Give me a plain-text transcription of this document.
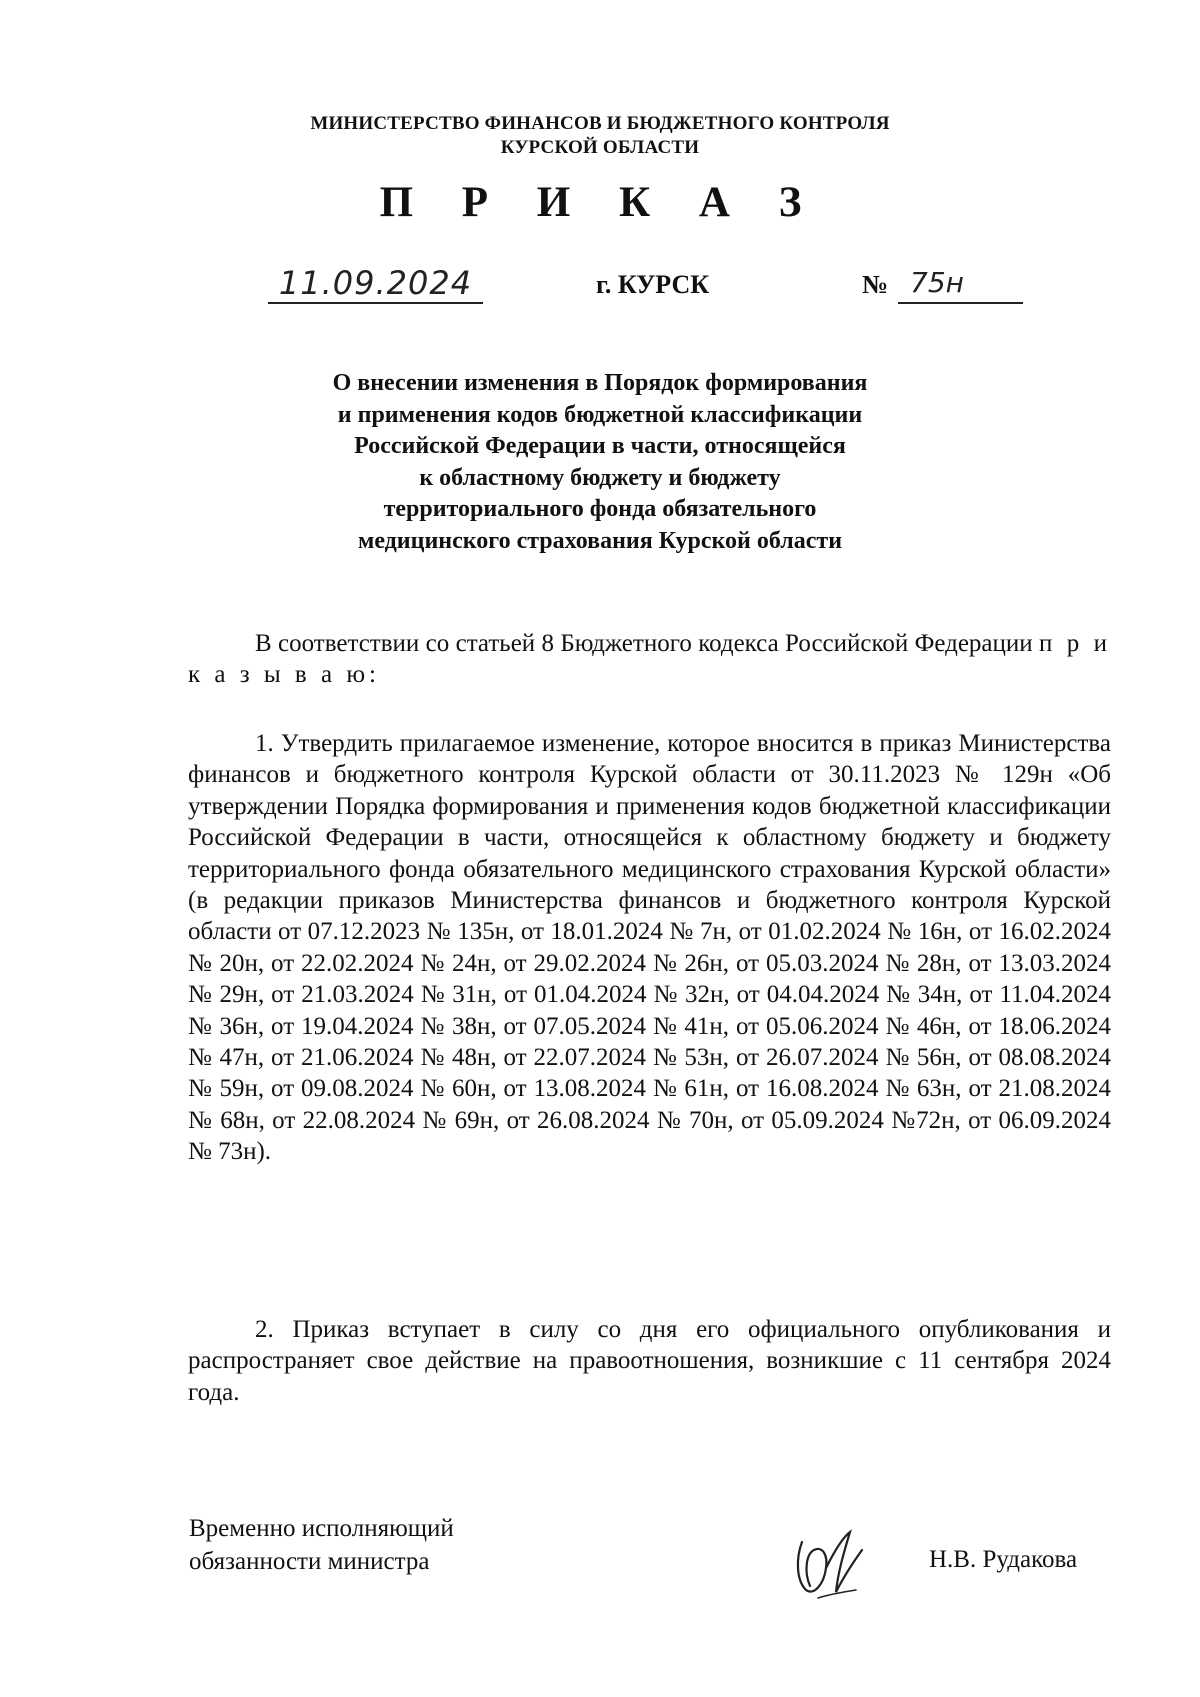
МИНИСТЕРСТВО ФИНАНСОВ И БЮДЖЕТНОГО КОНТРОЛЯ
КУРСКОЙ ОБЛАСТИ
П Р И К А З
11.09.2024	г. КУРСК	№ 75н
О внесении изменения в Порядок формирования
и применения кодов бюджетной классификации
Российской Федерации в части, относящейся
к областному бюджету и бюджету
территориального фонда обязательного
медицинского страхования Курской области
В соответствии со статьей 8 Бюджетного кодекса Российской Федерации п р и к а з ы в а ю:
1. Утвердить прилагаемое изменение, которое вносится в приказ Министерства финансов и бюджетного контроля Курской области от 30.11.2023 № 129н «Об утверждении Порядка формирования и применения кодов бюджетной классификации Российской Федерации в части, относящейся к областному бюджету и бюджету территориального фонда обязательного медицинского страхования Курской области» (в редакции приказов Министерства финансов и бюджетного контроля Курской области от 07.12.2023 № 135н, от 18.01.2024 № 7н, от 01.02.2024 № 16н, от 16.02.2024 № 20н, от 22.02.2024 № 24н, от 29.02.2024 № 26н, от 05.03.2024 № 28н, от 13.03.2024 № 29н, от 21.03.2024 № 31н, от 01.04.2024 № 32н, от 04.04.2024 № 34н, от 11.04.2024 № 36н, от 19.04.2024 № 38н, от 07.05.2024 № 41н, от 05.06.2024 № 46н, от 18.06.2024 № 47н, от 21.06.2024 № 48н, от 22.07.2024 № 53н, от 26.07.2024 № 56н, от 08.08.2024 № 59н, от 09.08.2024 № 60н, от 13.08.2024 № 61н, от 16.08.2024 № 63н, от 21.08.2024 № 68н, от 22.08.2024 № 69н, от 26.08.2024 № 70н, от 05.09.2024 №72н, от 06.09.2024 № 73н).
2. Приказ вступает в силу со дня его официального опубликования и распространяет свое действие на правоотношения, возникшие с 11 сентября 2024 года.
Временно исполняющий
обязанности министра	Н.В. Рудакова
